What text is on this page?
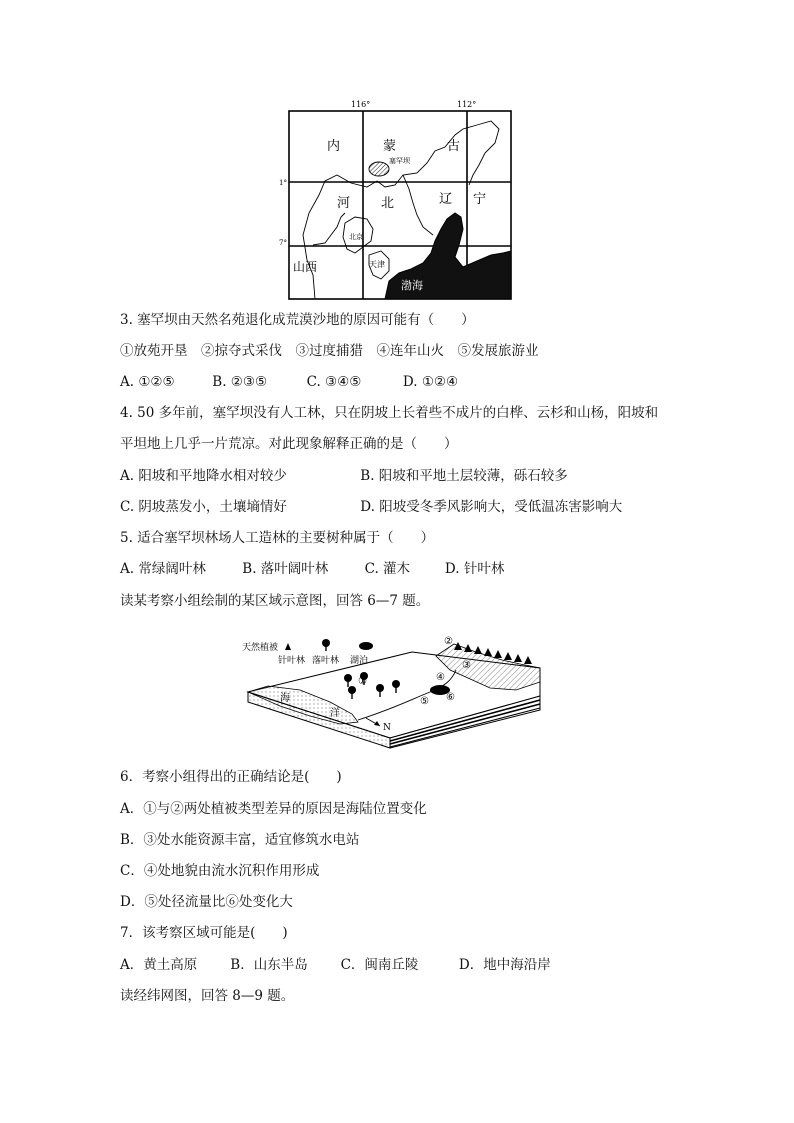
116°	112°
1°
7°
内	蒙	古
塞罕坝
河 北	辽 宁
北京
天津
山西
渤海
3. 塞罕坝由天然名苑退化成荒漠沙地的原因可能有（　　）
①放苑开垦　②掠夺式采伐　③过度捕猎　④连年山火　⑤发展旅游业
A. ①②⑤	B. ②③⑤	C. ③④⑤	D. ①②④
4. 50 多年前，塞罕坝没有人工林，只在阴坡上长着些不成片的白桦、云杉和山杨，阳坡和
平坦地上几乎一片荒凉。对此现象解释正确的是（　　）
A. 阳坡和平地降水相对较少	B. 阳坡和平地土层较薄，砾石较多
C. 阴坡蒸发小，土壤墒情好	D. 阳坡受冬季风影响大，受低温冻害影响大
5. 适合塞罕坝林场人工造林的主要树种属于（　　）
A. 常绿阔叶林	B. 落叶阔叶林	C. 灌木	D. 针叶林
读某考察小组绘制的某区域示意图，回答 6—7 题。
天然植被
针叶林 落叶林 湖泊
海
洋
N
①
②
③
④
⑤ ⑥
6．考察小组得出的正确结论是(　　)
A．①与②两处植被类型差异的原因是海陆位置变化
B．③处水能资源丰富，适宜修筑水电站
C．④处地貌由流水沉积作用形成
D．⑤处径流量比⑥处变化大
7．该考察区域可能是(　　)
A．黄土高原 B．山东半岛 C．闽南丘陵	D．地中海沿岸
读经纬网图，回答 8—9 题。
